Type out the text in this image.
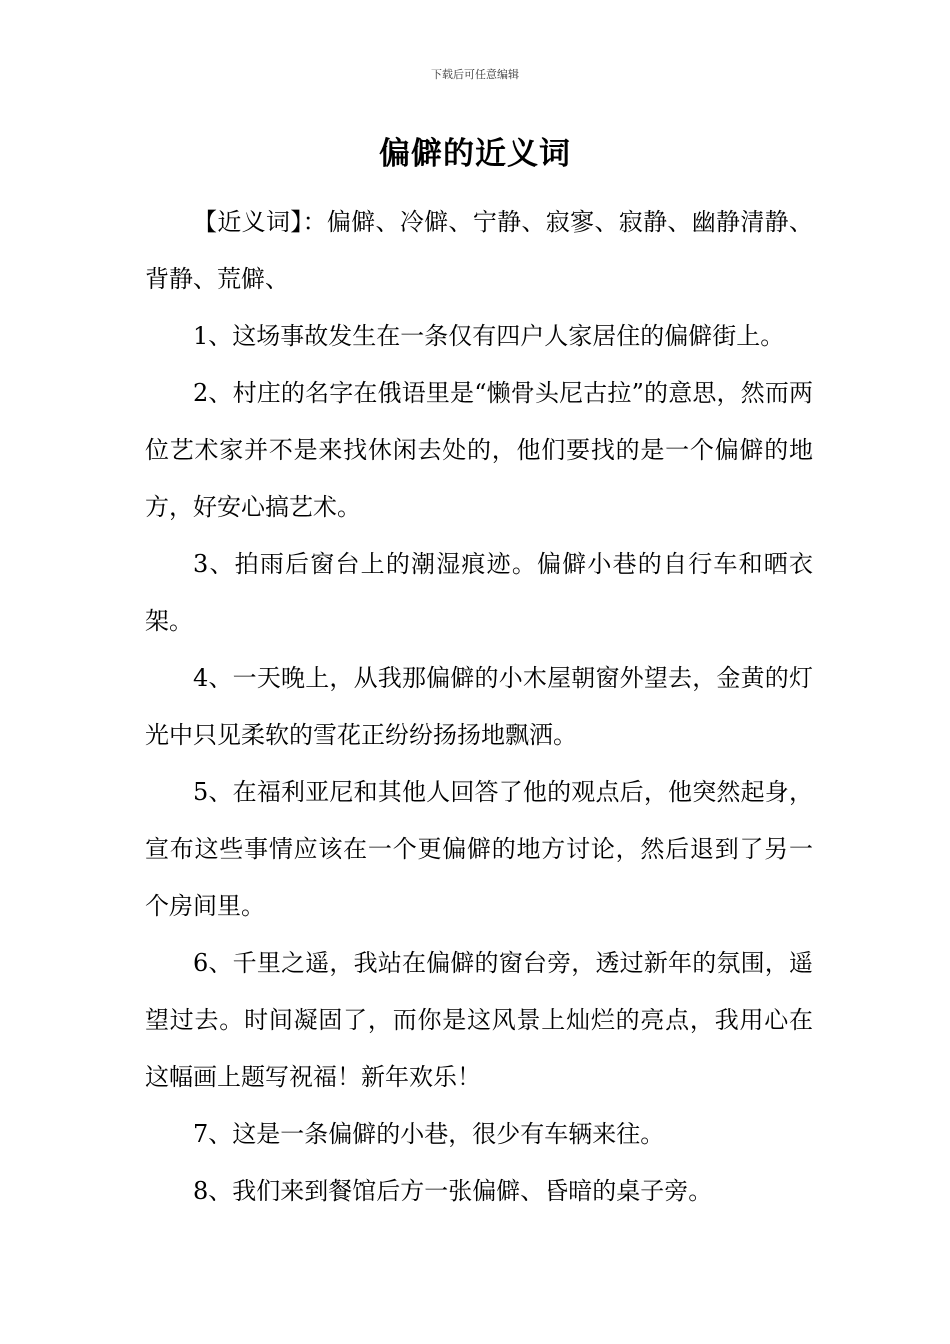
下载后可任意编辑
偏僻的近义词

【近义词】：偏僻、冷僻、宁静、寂寥、寂静、幽静清静、背静、荒僻、

1、这场事故发生在一条仅有四户人家居住的偏僻街上。

2、村庄的名字在俄语里是“懒骨头尼古拉”的意思，然而两位艺术家并不是来找休闲去处的，他们要找的是一个偏僻的地方，好安心搞艺术。

3、拍雨后窗台上的潮湿痕迹。偏僻小巷的自行车和晒衣架。

4、一天晚上，从我那偏僻的小木屋朝窗外望去，金黄的灯光中只见柔软的雪花正纷纷扬扬地飘洒。

5、在福利亚尼和其他人回答了他的观点后，他突然起身，宣布这些事情应该在一个更偏僻的地方讨论，然后退到了另一个房间里。

6、千里之遥，我站在偏僻的窗台旁，透过新年的氛围，遥望过去。时间凝固了，而你是这风景上灿烂的亮点，我用心在这幅画上题写祝福！新年欢乐！

7、这是一条偏僻的小巷，很少有车辆来往。

8、我们来到餐馆后方一张偏僻、昏暗的桌子旁。
